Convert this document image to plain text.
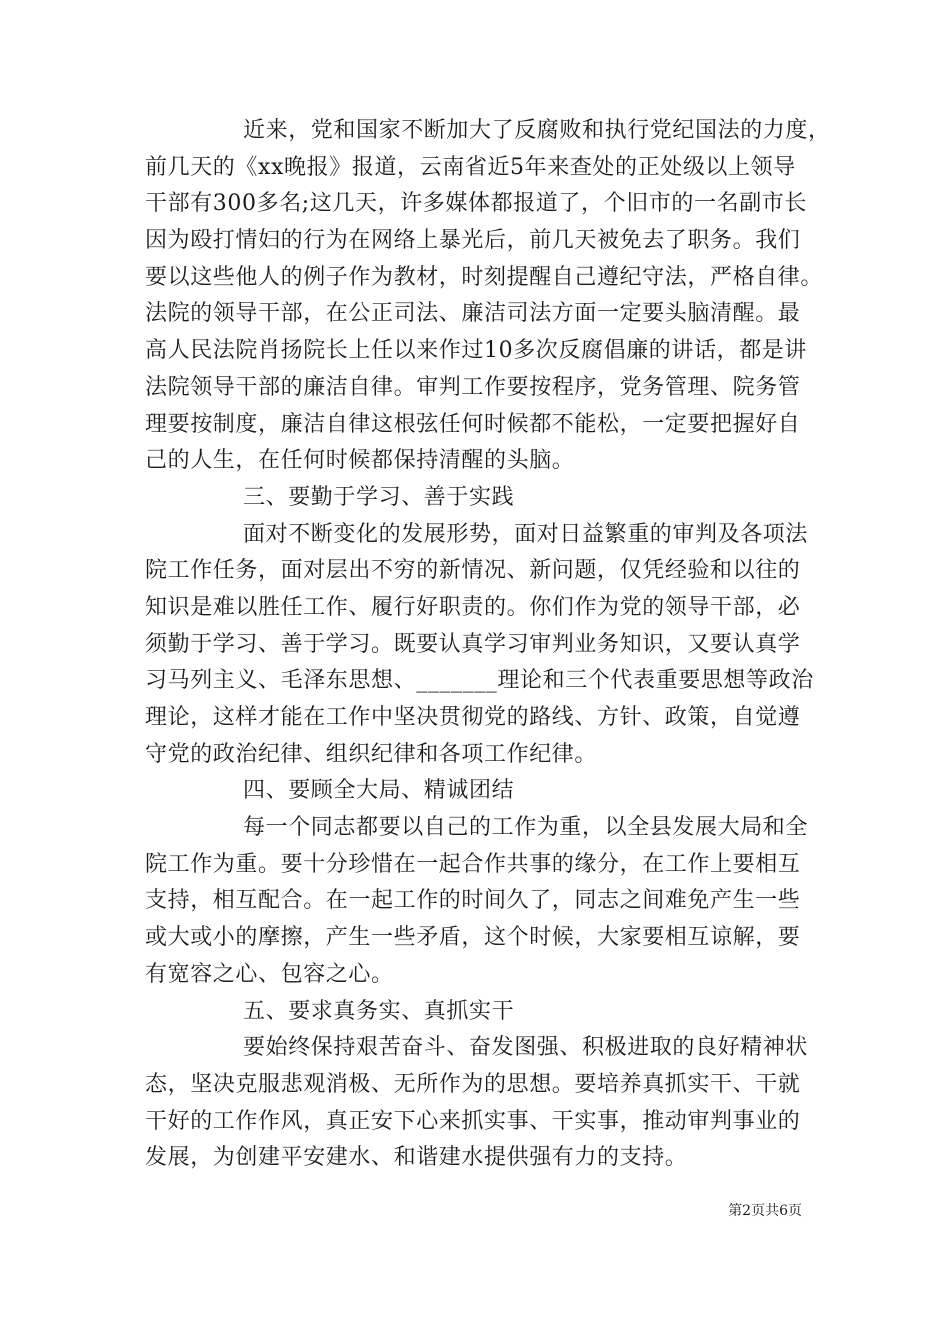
近来，党和国家不断加大了反腐败和执行党纪国法的力度，
前几天的《xx晚报》报道，云南省近5年来查处的正处级以上领导
干部有300多名;这几天，许多媒体都报道了，个旧市的一名副市长
因为殴打情妇的行为在网络上暴光后，前几天被免去了职务。我们
要以这些他人的例子作为教材，时刻提醒自己遵纪守法，严格自律。
法院的领导干部，在公正司法、廉洁司法方面一定要头脑清醒。最
高人民法院肖扬院长上任以来作过10多次反腐倡廉的讲话，都是讲
法院领导干部的廉洁自律。审判工作要按程序，党务管理、院务管
理要按制度，廉洁自律这根弦任何时候都不能松，一定要把握好自
己的人生，在任何时候都保持清醒的头脑。
三、要勤于学习、善于实践
面对不断变化的发展形势，面对日益繁重的审判及各项法
院工作任务，面对层出不穷的新情况、新问题，仅凭经验和以往的
知识是难以胜任工作、履行好职责的。你们作为党的领导干部，必
须勤于学习、善于学习。既要认真学习审判业务知识，又要认真学
习马列主义、毛泽东思想、_______理论和三个代表重要思想等政治
理论，这样才能在工作中坚决贯彻党的路线、方针、政策，自觉遵
守党的政治纪律、组织纪律和各项工作纪律。
四、要顾全大局、精诚团结
每一个同志都要以自己的工作为重，以全县发展大局和全
院工作为重。要十分珍惜在一起合作共事的缘分，在工作上要相互
支持，相互配合。在一起工作的时间久了，同志之间难免产生一些
或大或小的摩擦，产生一些矛盾，这个时候，大家要相互谅解，要
有宽容之心、包容之心。
五、要求真务实、真抓实干
要始终保持艰苦奋斗、奋发图强、积极进取的良好精神状
态，坚决克服悲观消极、无所作为的思想。要培养真抓实干、干就
干好的工作作风，真正安下心来抓实事、干实事，推动审判事业的
发展，为创建平安建水、和谐建水提供强有力的支持。
第2页共6页
